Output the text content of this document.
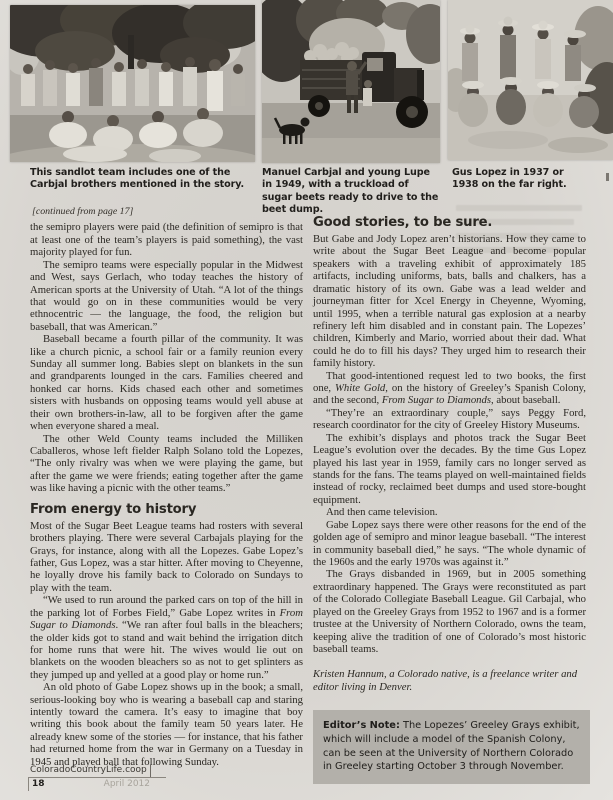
This sandlot team includes one of the Carbjal brothers mentioned in the story.
Manuel Carbjal and young Lupe in 1949, with a truckload of sugar beets ready to drive to the beet dump.
Gus Lopez in 1937 or 1938 on the far right.
[continued from page 17]

the semipro players were paid (the definition of semipro is that at least one of the team’s players is paid something), the vast majority played for fun.

The semipro teams were especially popular in the Midwest and West, says Gerlach, who today teaches the history of American sports at the University of Utah. “A lot of the things that would go on in these communities would be very ethnocentric — the language, the food, the religion but baseball, that was American.”

Baseball became a fourth pillar of the community. It was like a church picnic, a school fair or a family reunion every Sunday all summer long. Babies slept on blankets in the sun and grandparents lounged in the cars. Families cheered and honked car horns. Kids chased each other and sometimes sisters with husbands on opposing teams would yell abuse at their own brothers-in-law, all to be forgiven after the game when everyone shared a meal.

The other Weld County teams included the Milliken Caballeros, whose left fielder Ralph Solano told the Lopezes, “The only rivalry was when we were playing the game, but after the game we were friends; eating together after the game was like having a picnic with the other teams.”

From energy to history

Most of the Sugar Beet League teams had rosters with several brothers playing. There were several Carbajals playing for the Grays, for instance, along with all the Lopezes. Gabe Lopez’s father, Gus Lopez, was a star hitter. After moving to Cheyenne, he loyally drove his family back to Colorado on Sundays to play with the team.

“We used to run around the parked cars on top of the hill in the parking lot of Forbes Field,” Gabe Lopez writes in From Sugar to Diamonds. “We ran after foul balls in the bleachers; the older kids got to stand and wait behind the irrigation ditch for home runs that were hit. The wives would lie out on blankets on the wooden bleachers so as not to get splinters as they jumped up and yelled at a good play or home run.”

An old photo of Gabe Lopez shows up in the book; a small, serious-looking boy who is wearing a baseball cap and staring intently toward the camera. It’s easy to imagine that boy writing this book about the family team 50 years later. He already knew some of the stories — for instance, that his father had returned home from the war in Germany on a Tuesday in 1945 and played ball that following Sunday.

Good stories, to be sure.

But Gabe and Jody Lopez aren’t historians. How they came to write about the Sugar Beet League and become popular speakers with a traveling exhibit of approximately 185 artifacts, including uniforms, bats, balls and chalkers, has a dramatic history of its own. Gabe was a lead welder and journeyman fitter for Xcel Energy in Cheyenne, Wyoming, until 1995, when a terrible natural gas explosion at a nearby refinery left him disabled and in constant pain. The Lopezes’ children, Kimberly and Mario, worried about their dad. What could he do to fill his days? They urged him to research their family history.

That good-intentioned request led to two books, the first one, White Gold, on the history of Greeley’s Spanish Colony, and the second, From Sugar to Diamonds, about baseball.

“They’re an extraordinary couple,” says Peggy Ford, research coordinator for the city of Greeley History Museums.

The exhibit’s displays and photos track the Sugar Beet League’s evolution over the decades. By the time Gus Lopez played his last year in 1959, family cars no longer served as stands for the fans. The teams played on well-maintained fields instead of rocky, reclaimed beet dumps and used store-bought equipment.

And then came television.

Gabe Lopez says there were other reasons for the end of the golden age of semipro and minor league baseball. “The interest in community baseball died,” he says. “The whole dynamic of the 1960s and the early 1970s was against it.”

The Grays disbanded in 1969, but in 2005 something extraordinary happened. The Grays were reconstituted as part of the Colorado Collegiate Baseball League. Gil Carbajal, who played on the Greeley Grays from 1952 to 1967 and is a former trustee at the University of Northern Colorado, owns the team, keeping alive the tradition of one of Colorado’s most historic baseball teams.

Kristen Hannum, a Colorado native, is a freelance writer and editor living in Denver.

Editor’s Note: The Lopezes’ Greeley Grays exhibit, which will include a model of the Spanish Colony, can be seen at the University of Northern Colorado in Greeley starting October 3 through November.
ColoradoCountryLife.coop
18	April 2012
